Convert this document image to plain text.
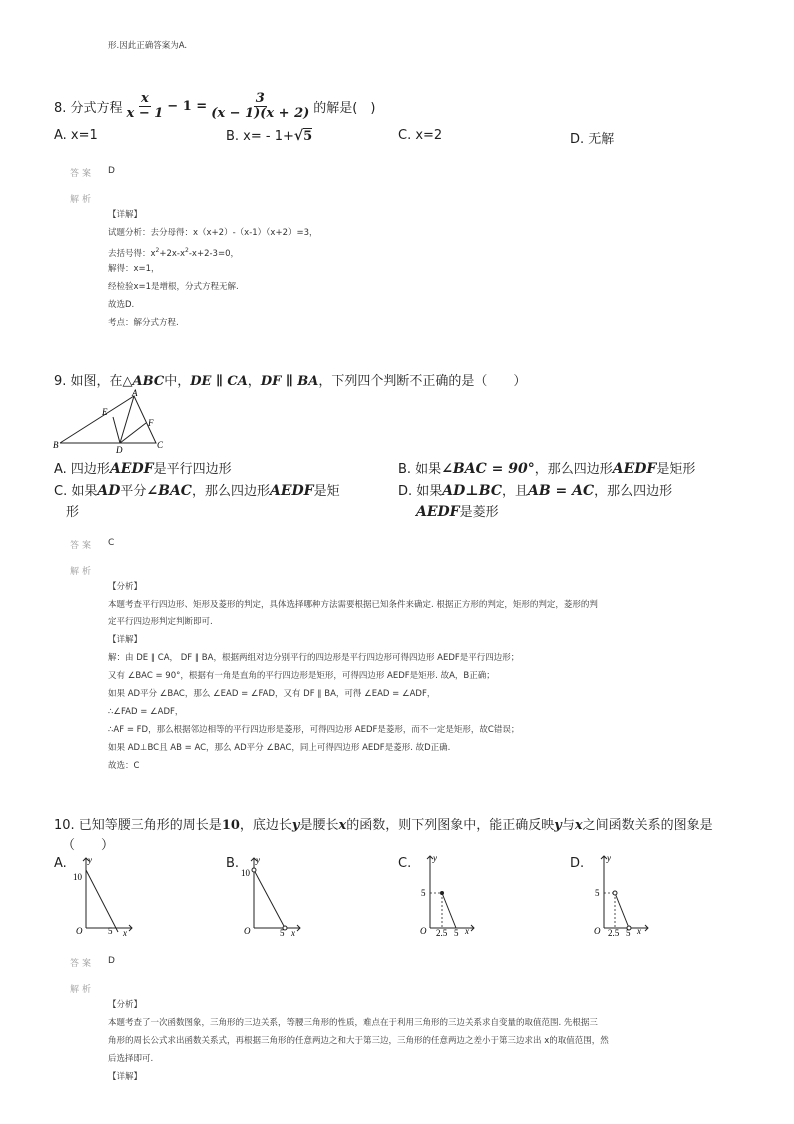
形.因此正确答案为A.
8. 分式方程 $\frac{x}{x - 1} - 1 = \frac{3}{(x - 1)(x + 2)}$ 的解是(　)
A. x=1	B. x= - 1+√5	C. x=2	D. 无解
答案 D
解析
【详解】
试题分析：去分母得：x（x+2）-（x-1）（x+2）=3，
去括号得：$x^2+2x-x^2-x+2-3=0$，
解得：x=1，
经检验x=1是增根，分式方程无解.
故选D.
考点：解分式方程.
9. 如图，在△ABC中，DE ∥ CA，DF ∥ BA，下列四个判断不正确的是（　　）
A
B	C
D
E
F
A. 四边形AEDF是平行四边形	B. 如果∠BAC = 90°，那么四边形AEDF是矩形
C. 如果AD平分∠BAC，那么四边形AEDF是矩
形
D. 如果AD⊥BC，且AB = AC，那么四边形
AEDF是菱形
答案 C
解析
【分析】
本题考查平行四边形、矩形及菱形的判定，具体选择哪种方法需要根据已知条件来确定. 根据正方形的判定，矩形的判定，菱形的判
定平行四边形判定判断即可.
【详解】
解：由 DE ∥ CA， DF ∥ BA，根据两组对边分别平行的四边形是平行四边形可得四边形 AEDF是平行四边形；
又有 ∠BAC = 90°，根据有一角是直角的平行四边形是矩形，可得四边形 AEDF是矩形. 故A，B正确；
如果 AD平分 ∠BAC，那么 ∠EAD = ∠FAD，又有 DF ∥ BA，可得 ∠EAD = ∠ADF，
∴∠FAD = ∠ADF，
∴AF = FD，那么根据邻边相等的平行四边形是菱形，可得四边形 AEDF是菱形，而不一定是矩形，故C错误；
如果 AD⊥BC且 AB = AC，那么 AD平分 ∠BAC，同上可得四边形 AEDF是菱形. 故D正确.
故选：C
10. 已知等腰三角形的周长是10，底边长y是腰长x的函数，则下列图象中，能正确反映y与x之间函数关系的图象是
（　　）
A. y
x
O
10
5
B. y
x
O
10
5
C. y
x
O
5
2.5 5
D.	y
x
O
5
2.5 5
答案 D
解析
【分析】
本题考查了一次函数图象，三角形的三边关系，等腰三角形的性质，难点在于利用三角形的三边关系求自变量的取值范围. 先根据三
角形的周长公式求出函数关系式，再根据三角形的任意两边之和大于第三边，三角形的任意两边之差小于第三边求出 x的取值范围，然
后选择即可.
【详解】
